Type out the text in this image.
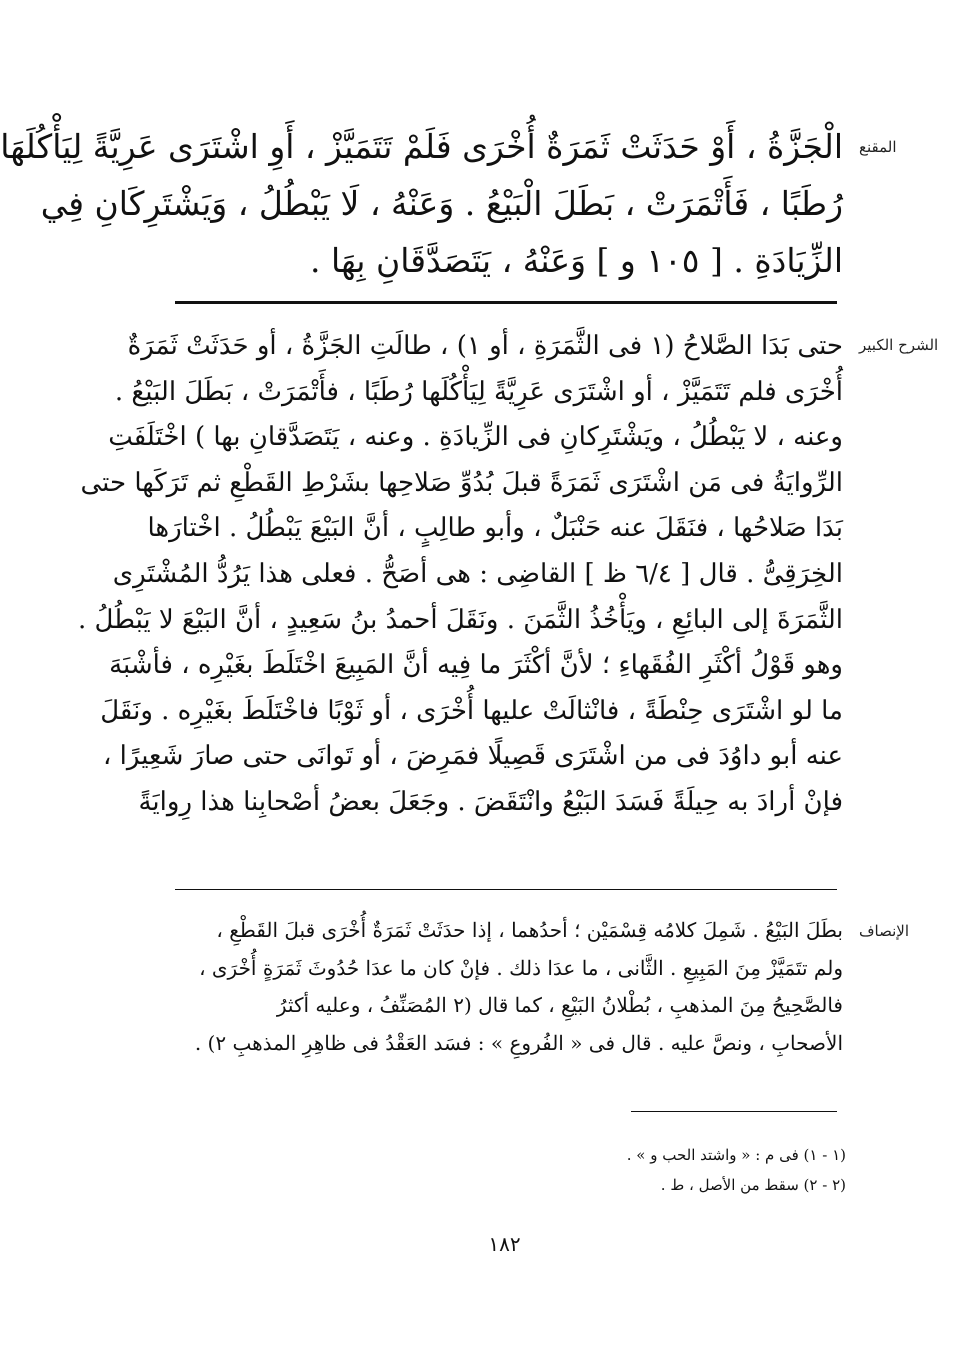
المقنع
الْجَزَّةُ ، أَوْ حَدَثَتْ ثَمَرَةٌ أُخْرَى فَلَمْ تَتَمَيَّزْ ، أَوِ اشْتَرَى عَرِيَّةً لِيَأْكُلَهَا
رُطَبًا ، فَأَتْمَرَتْ ، بَطَلَ الْبَيْعُ . وَعَنْهُ ، لَا يَبْطُلُ ، وَيَشْتَرِكَانِ فِي
الزِّيَادَةِ . [ ١٠٥ و ] وَعَنْهُ ، يَتَصَدَّقَانِ بِهَا .
الشرح الكبير
حتى بَدَا الصَّلاحُ (١ فى الثَّمَرَةِ ، أو ١) ، طالَتِ الجَزَّةُ ، أو حَدَثَتْ ثَمَرَةٌ
أُخْرَى فلم تَتَمَيَّزْ ، أو اشْتَرَى عَرِيَّةً لِيَأْكُلَها رُطَبًا ، فأَتْمَرَتْ ، بَطَلَ البَيْعُ .
وعنه ، لا يَبْطُلُ ، ويَشْتَرِكانِ فى الزِّيادَةِ . وعنه ، يَتَصَدَّقانِ بها ) اخْتَلَفَتِ
الرِّوايَةُ فى مَن اشْتَرَى ثَمَرَةً قبلَ بُدُوِّ صَلاحِها بشَرْطِ القَطْعِ ثم تَرَكَها حتى
بَدَا صَلاحُها ، فنَقَلَ عنه حَنْبَلٌ ، وأبو طالِبٍ ، أنَّ البَيْعَ يَبْطُلُ . اخْتارَها
الخِرَقِىُّ . قال [ ٦/٤ ظ ] القاضِى : هى أصَحُّ . فعلى هذا يَرُدُّ المُشْتَرِى
الثَّمَرَةَ إلى البائِعِ ، ويَأْخُذُ الثَّمَنَ . ونَقَلَ أحمدُ بنُ سَعِيدٍ ، أنَّ البَيْعَ لا يَبْطُلُ .
وهو قَوْلُ أكْثَرِ الفُقَهاءِ ؛ لأنَّ أكْثَرَ ما فِيه أنَّ المَبِيعَ اخْتَلَطَ بغَيْرِه ، فأشْبَهَ
ما لو اشْتَرَى حِنْطَةً ، فانْثالَتْ عليها أُخْرَى ، أو ثَوْبًا فاخْتَلَطَ بغَيْرِه . ونَقَلَ
عنه أبو داوُدَ فى من اشْتَرَى قَصِيلًا فمَرِضَ ، أو تَوانَى حتى صارَ شَعِيرًا ،
فإنْ أرادَ به حِيلَةً فَسَدَ البَيْعُ وانْتَقَضَ . وجَعَلَ بعضُ أصْحابِنا هذا رِوايَةً
الإنصاف
بطَلَ البَيْعُ . شَمِلَ كلامُه قِسْمَيْن ؛ أحدُهما ، إذا حدَثَتْ ثَمَرَةٌ أُخْرَى قبلَ القَطْعِ ،
ولم تتَمَيَّزْ مِنَ المَبِيعِ . الثَّانى ، ما عدَا ذلك . فإنْ كان ما عدَا حُدُوثَ ثَمَرَةٍ أُخْرَى ،
فالصَّحِيحُ مِنَ المذهبِ ، بُطْلانُ البَيْعِ ، كما قال (٢ المُصَنِّفُ ، وعليه أكثرُ
الأصحابِ ، ونصَّ عليه . قال فى « الفُروعِ » : فسَد العَقْدُ فى ظاهِرِ المذهبِ ٢) .
(١ - ١) فى م : « واشتد الحب و » .
(٢ - ٢) سقط من الأصل ، ط .
١٨٢
